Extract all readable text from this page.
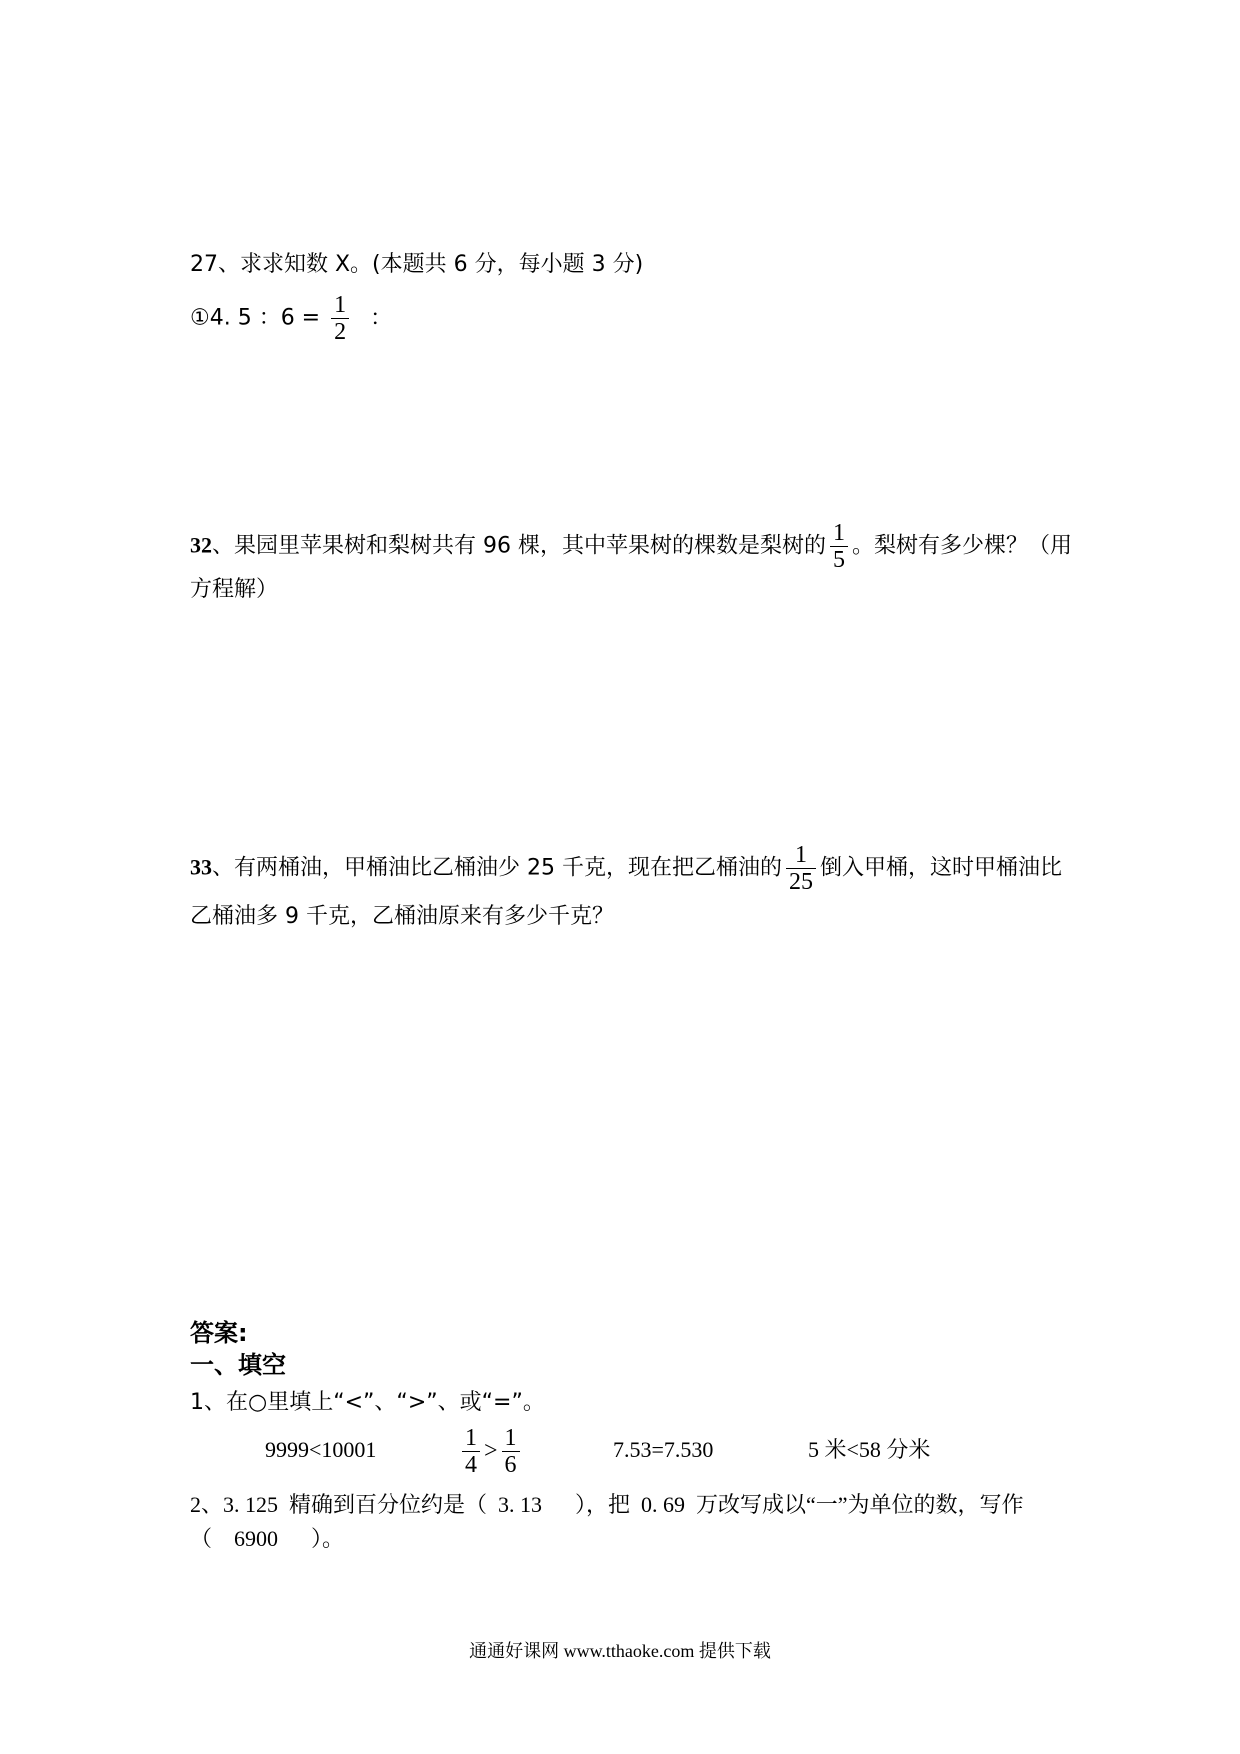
27、求求知数 X。(本题共 6 分，每小题 3 分)
①4. 5 ：$6 = \frac{1}{2}$ ：
32、果园里苹果树和梨树共有 96 棵，其中苹果树的棵数是梨树的 $\frac{1}{5}$ 。梨树有多少棵？（用
方程解）
33、有两桶油，甲桶油比乙桶油少 25 千克，现在把乙桶油的 $\frac{1}{25}$ 倒入甲桶，这时甲桶油比
乙桶油多 9 千克，乙桶油原来有多少千克？
答案:
一、填空
1、在○里填上“<”、“>”、或“=”。
9999<10001	$\frac{1}{4} > \frac{1}{6}$	7.53=7.530	5 米<58 分米
2、3. 125  精确到百分位约是（  3. 13      ），把  0. 69  万改写成以“一”为单位的数，写作
（    6900      ）。
通通好课网 www.tthaoke.com 提供下载
